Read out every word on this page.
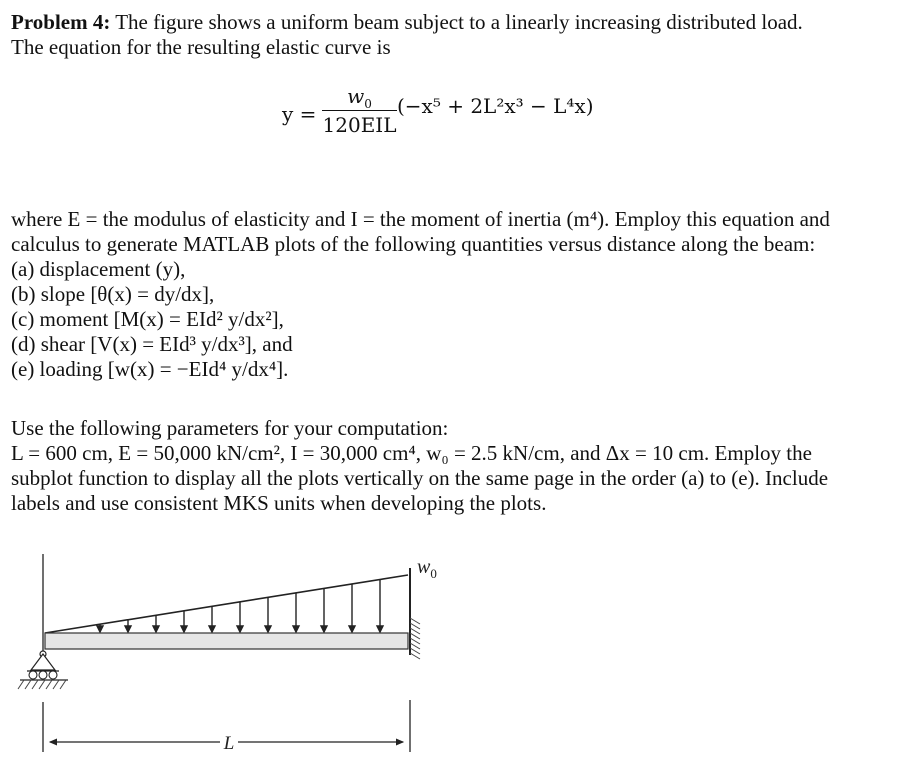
Problem 4: The figure shows a uniform beam subject to a linearly increasing distributed load.
The equation for the resulting elastic curve is
y =
$w_0$
120EIL
(−x⁵ + 2L²x³ − L⁴x)
where E = the modulus of elasticity and I = the moment of inertia (m⁴). Employ this equation and
calculus to generate MATLAB plots of the following quantities versus distance along the beam:
(a) displacement (y),
(b) slope [θ(x) = dy/dx],
(c) moment [M(x) = EId² y/dx²],
(d) shear [V(x) = EId³ y/dx³], and
(e) loading [w(x) = −EId⁴ y/dx⁴].
Use the following parameters for your computation:
L = 600 cm, E = 50,000 kN/cm², I = 30,000 cm⁴, w₀ = 2.5 kN/cm, and Δx = 10 cm. Employ the
subplot function to display all the plots vertically on the same page in the order (a) to (e). Include
labels and use consistent MKS units when developing the plots.
$w_0$
L
